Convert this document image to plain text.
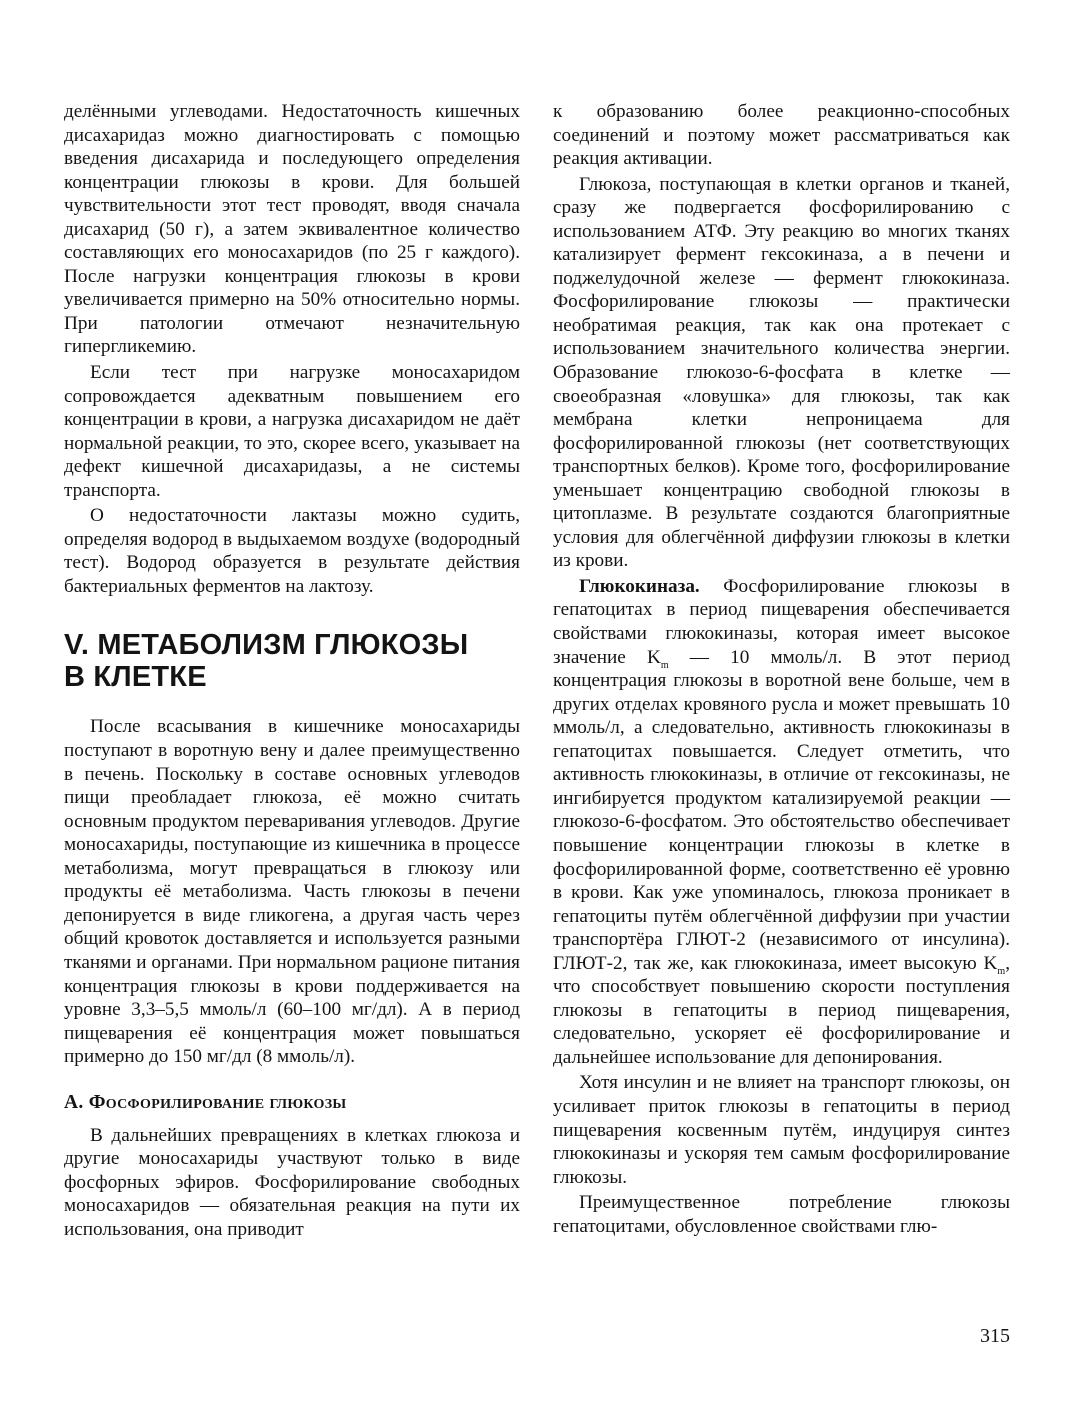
делёнными углеводами. Недостаточность кишечных дисахаридаз можно диагностировать с помощью введения дисахарида и последующего определения концентрации глюкозы в крови. Для большей чувствительности этот тест проводят, вводя сначала дисахарид (50 г), а затем эквивалентное количество составляющих его моносахаридов (по 25 г каждого). После нагрузки концентрация глюкозы в крови увеличивается примерно на 50% относительно нормы. При патологии отмечают незначительную гипергликемию.

Если тест при нагрузке моносахаридом сопровождается адекватным повышением его концентрации в крови, а нагрузка дисахаридом не даёт нормальной реакции, то это, скорее всего, указывает на дефект кишечной дисахаридазы, а не системы транспорта.

О недостаточности лактазы можно судить, определяя водород в выдыхаемом воздухе (водородный тест). Водород образуется в результате действия бактериальных ферментов на лактозу.

V. МЕТАБОЛИЗМ ГЛЮКОЗЫ
В КЛЕТКЕ

После всасывания в кишечнике моносахариды поступают в воротную вену и далее преимущественно в печень. Поскольку в составе основных углеводов пищи преобладает глюкоза, её можно считать основным продуктом переваривания углеводов. Другие моносахариды, поступающие из кишечника в процессе метаболизма, могут превращаться в глюкозу или продукты её метаболизма. Часть глюкозы в печени депонируется в виде гликогена, а другая часть через общий кровоток доставляется и используется разными тканями и органами. При нормальном рационе питания концентрация глюкозы в крови поддерживается на уровне 3,3–5,5 ммоль/л (60–100 мг/дл). А в период пищеварения её концентрация может повышаться примерно до 150 мг/дл (8 ммоль/л).

А. Фосфорилирование глюкозы

В дальнейших превращениях в клетках глюкоза и другие моносахариды участвуют только в виде фосфорных эфиров. Фосфорилирование свободных моносахаридов — обязательная реакция на пути их использования, она приводит

к образованию более реакционно-способных соединений и поэтому может рассматриваться как реакция активации.

Глюкоза, поступающая в клетки органов и тканей, сразу же подвергается фосфорилированию с использованием АТФ. Эту реакцию во многих тканях катализирует фермент гексокиназа, а в печени и поджелудочной железе — фермент глюкокиназа. Фосфорилирование глюкозы — практически необратимая реакция, так как она протекает с использованием значительного количества энергии. Образование глюкозо-6-фосфата в клетке — своеобразная «ловушка» для глюкозы, так как мембрана клетки непроницаема для фосфорилированной глюкозы (нет соответствующих транспортных белков). Кроме того, фосфорилирование уменьшает концентрацию свободной глюкозы в цитоплазме. В результате создаются благоприятные условия для облегчённой диффузии глюкозы в клетки из крови.

Глюкокиназа. Фосфорилирование глюкозы в гепатоцитах в период пищеварения обеспечивается свойствами глюкокиназы, которая имеет высокое значение $K_m$ — 10 ммоль/л. В этот период концентрация глюкозы в воротной вене больше, чем в других отделах кровяного русла и может превышать 10 ммоль/л, а следовательно, активность глюкокиназы в гепатоцитах повышается. Следует отметить, что активность глюкокиназы, в отличие от гексокиназы, не ингибируется продуктом катализируемой реакции — глюкозо-6-фосфатом. Это обстоятельство обеспечивает повышение концентрации глюкозы в клетке в фосфорилированной форме, соответственно её уровню в крови. Как уже упоминалось, глюкоза проникает в гепатоциты путём облегчённой диффузии при участии транспортёра ГЛЮТ-2 (независимого от инсулина). ГЛЮТ-2, так же, как глюкокиназа, имеет высокую $K_m$, что способствует повышению скорости поступления глюкозы в гепатоциты в период пищеварения, следовательно, ускоряет её фосфорилирование и дальнейшее использование для депонирования.

Хотя инсулин и не влияет на транспорт глюкозы, он усиливает приток глюкозы в гепатоциты в период пищеварения косвенным путём, индуцируя синтез глюкокиназы и ускоряя тем самым фосфорилирование глюкозы.

Преимущественное потребление глюкозы гепатоцитами, обусловленное свойствами глю-

315
